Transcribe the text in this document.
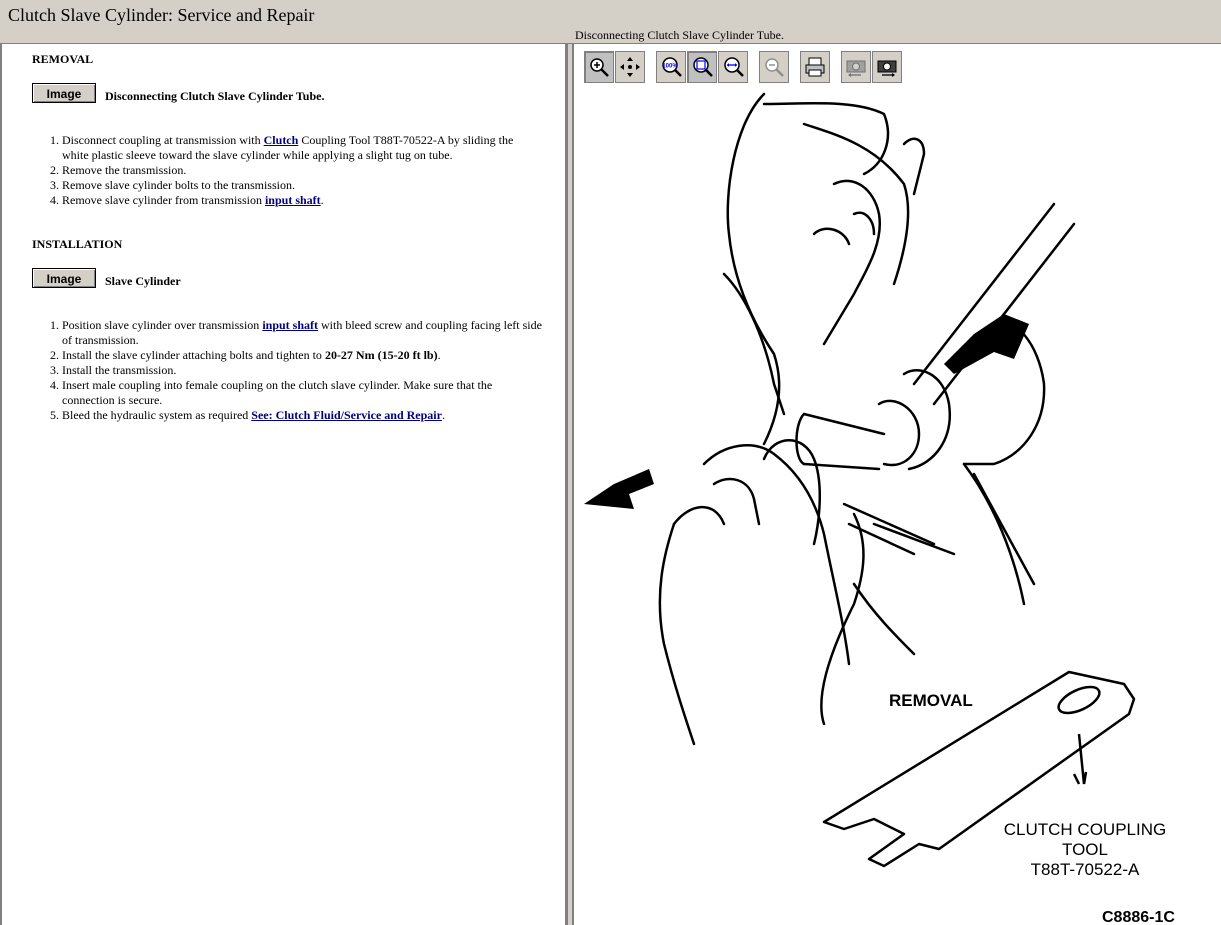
Clutch Slave Cylinder: Service and Repair
Disconnecting Clutch Slave Cylinder Tube.
REMOVAL
Image	Disconnecting Clutch Slave Cylinder Tube.
1. Disconnect coupling at transmission with Clutch Coupling Tool T88T-70522-A by sliding the white plastic sleeve toward the slave cylinder while applying a slight tug on tube.
2. Remove the transmission.
3. Remove slave cylinder bolts to the transmission.
4. Remove slave cylinder from transmission input shaft.
INSTALLATION
Image	Slave Cylinder
1. Position slave cylinder over transmission input shaft with bleed screw and coupling facing left side of transmission.
2. Install the slave cylinder attaching bolts and tighten to 20-27 Nm (15-20 ft lb).
3. Install the transmission.
4. Insert male coupling into female coupling on the clutch slave cylinder. Make sure that the connection is secure.
5. Bleed the hydraulic system as required See: Clutch Fluid/Service and Repair.
100%
REMOVAL
CLUTCH COUPLING
TOOL
T88T-70522-A
C8886-1C
